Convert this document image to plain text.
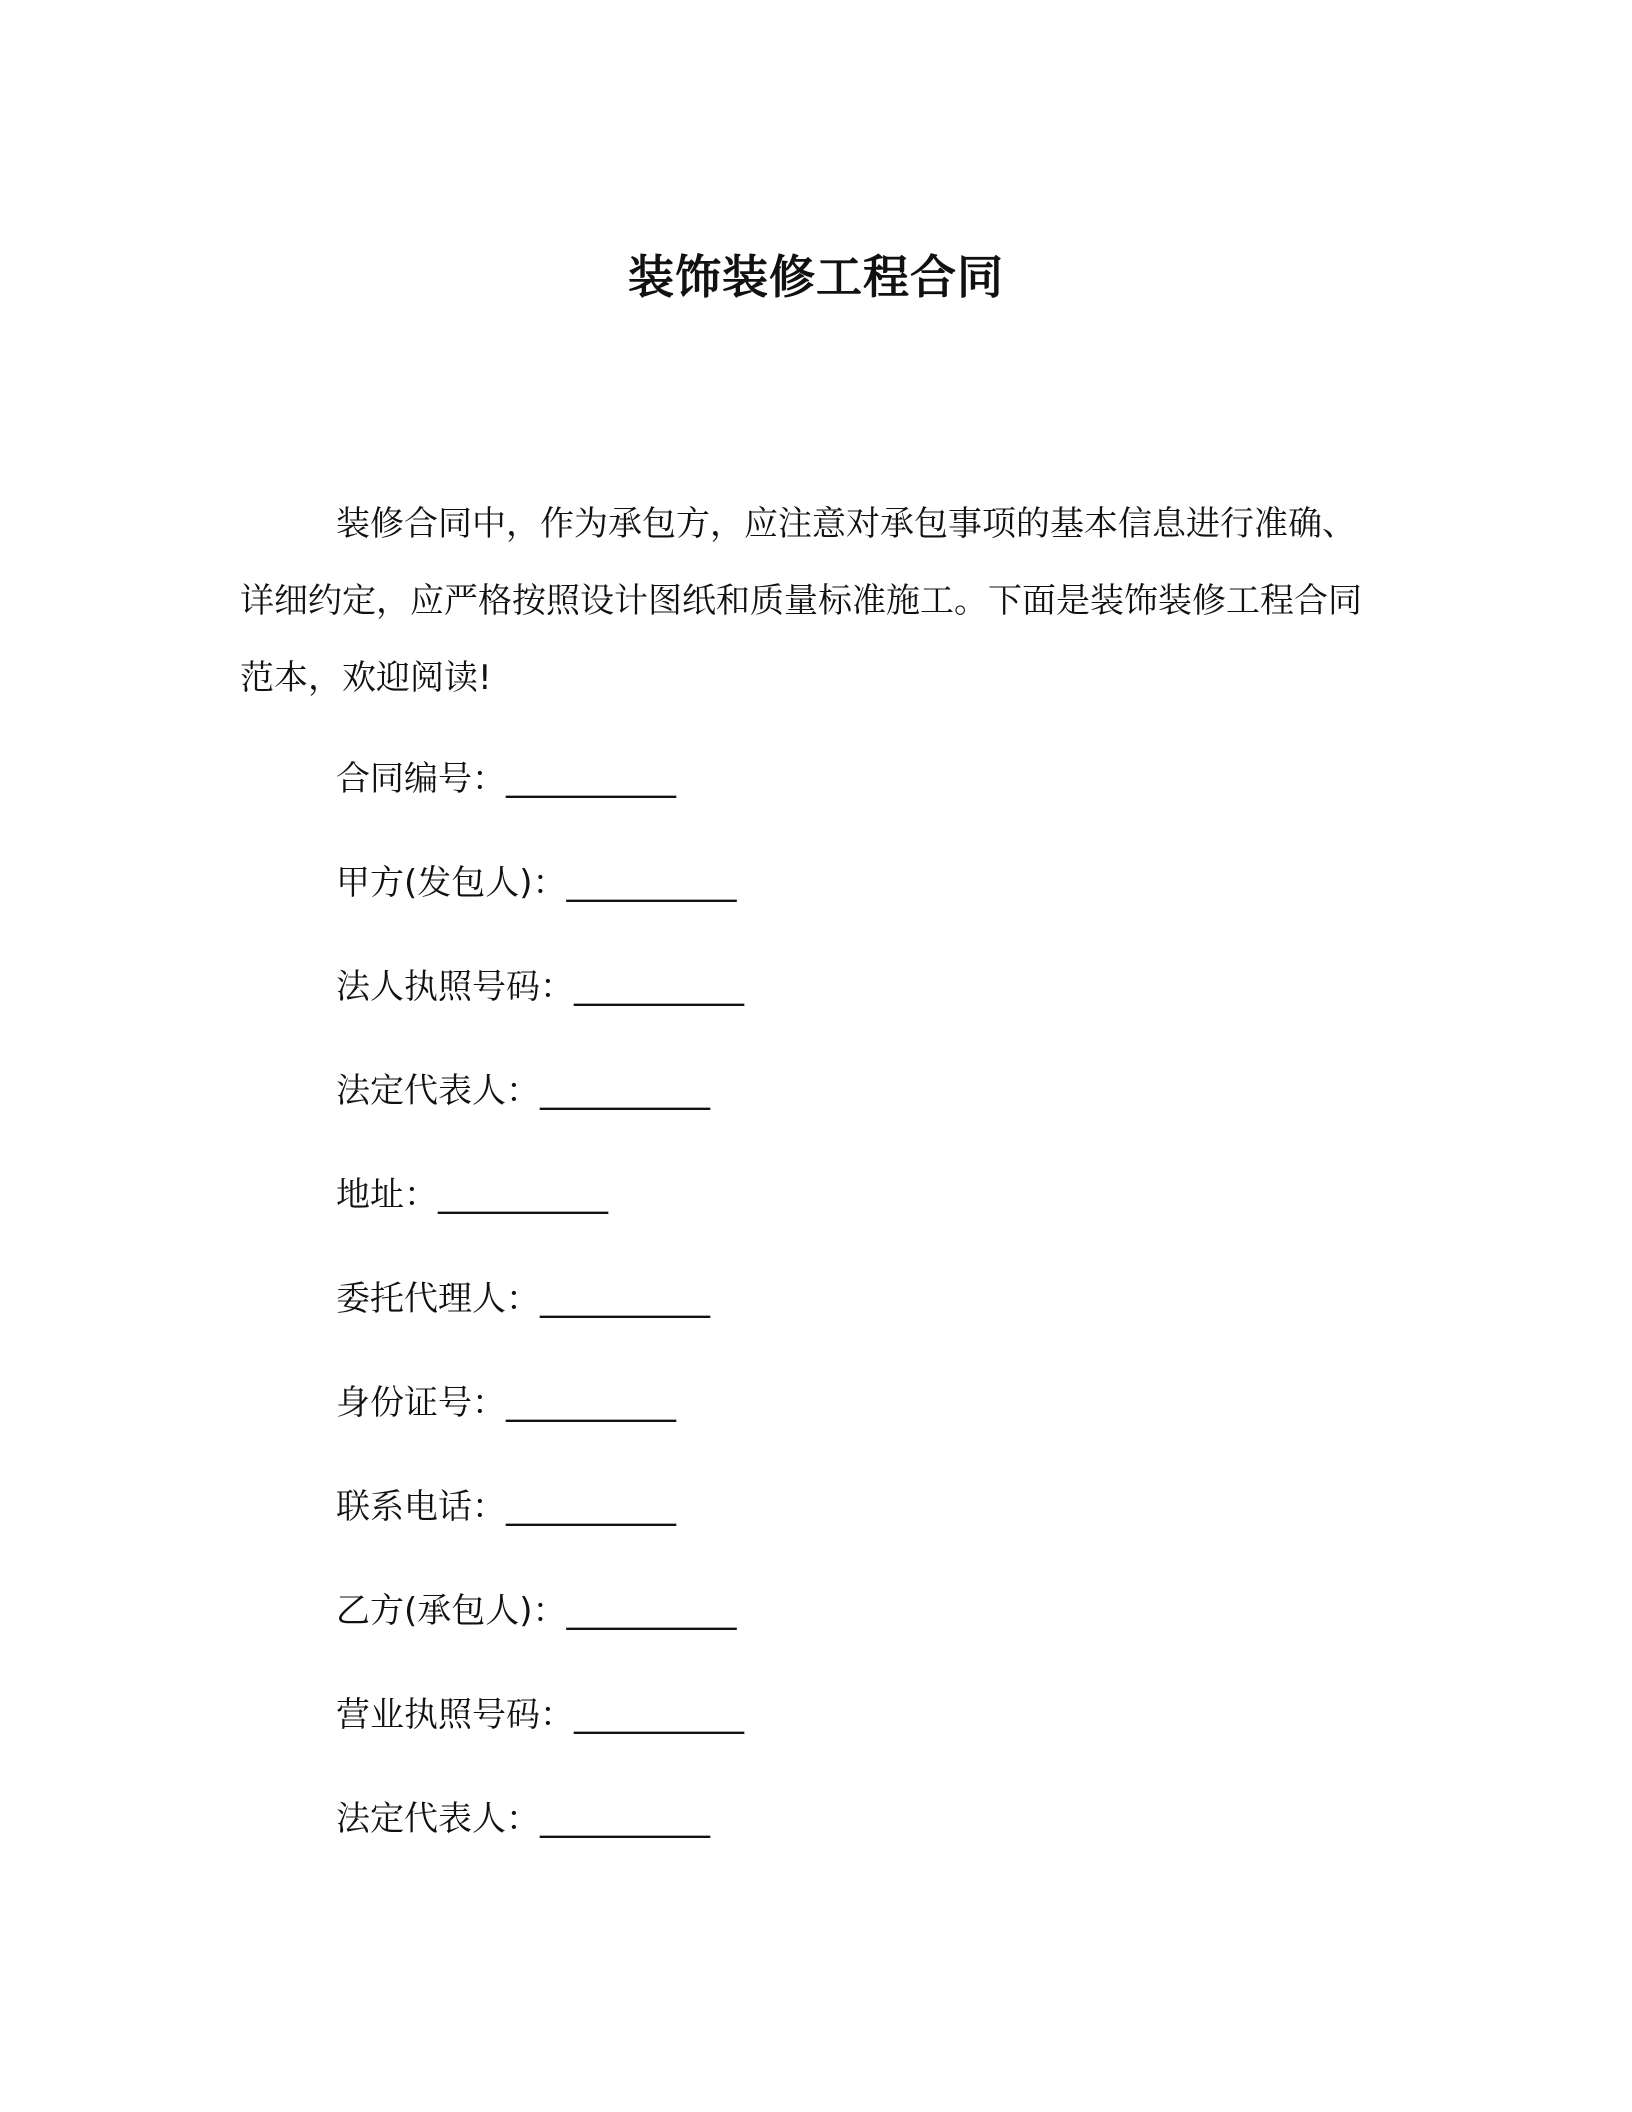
装饰装修工程合同

装修合同中，作为承包方，应注意对承包事项的基本信息进行准确、详细约定，应严格按照设计图纸和质量标准施工。下面是装饰装修工程合同范本，欢迎阅读!

合同编号：__________
甲方(发包人)：__________
法人执照号码：__________
法定代表人：__________
地址：__________
委托代理人：__________
身份证号：__________
联系电话：__________
乙方(承包人)：__________
营业执照号码：__________
法定代表人：__________
